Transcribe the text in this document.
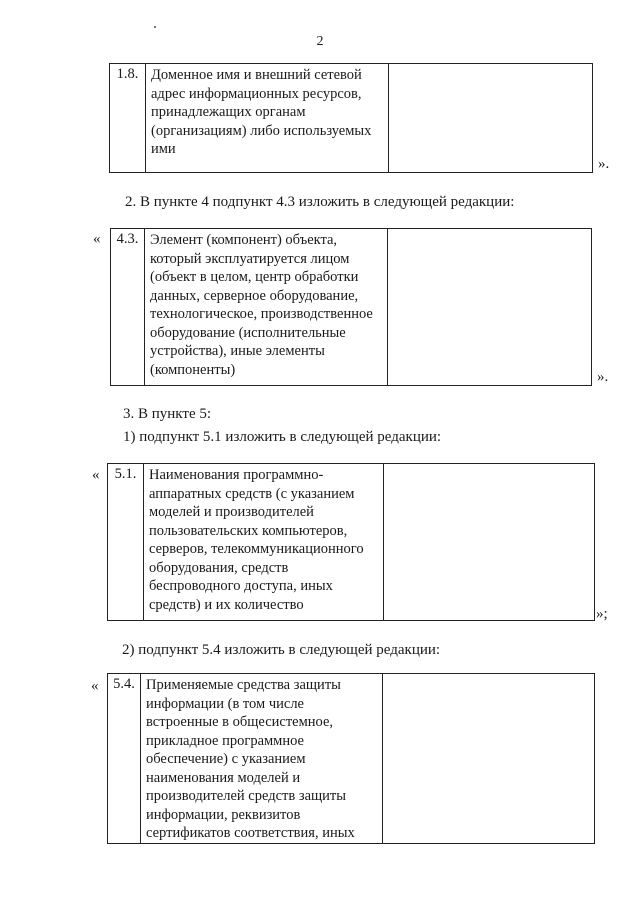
2
1.8.	Доменное имя и внешний сетевой
адрес информационных ресурсов,
принадлежащих органам
(организациям) либо используемых
ими

».
2. В пункте 4 подпункт 4.3 изложить в следующей редакции:
« 4.3.	Элемент (компонент) объекта,
который эксплуатируется лицом
(объект в целом, центр обработки
данных, серверное оборудование,
технологическое, производственное
оборудование (исполнительные
устройства), иные элементы
(компоненты)
		».
3. В пункте 5:
1) подпункт 5.1 изложить в следующей редакции:
« 5.1.	Наименования программно-
аппаратных средств (с указанием
моделей и производителей
пользовательских компьютеров,
серверов, телекоммуникационного
оборудования, средств
беспроводного доступа, иных
средств) и их количество

»;
2) подпункт 5.4 изложить в следующей редакции:
« 5.4.	Применяемые средства защиты
информации (в том числе
встроенные в общесистемное,
прикладное программное
обеспечение) с указанием
наименования моделей и
производителей средств защиты
информации, реквизитов
сертификатов соответствия, иных
